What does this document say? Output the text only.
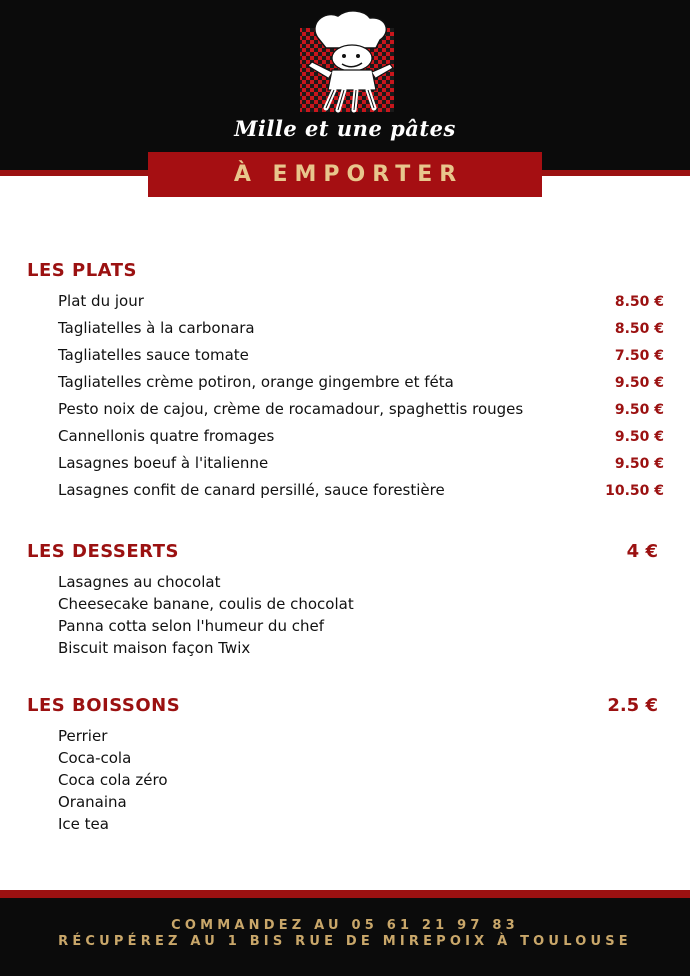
Mille et une pâtes
À EMPORTER
LES PLATS
Plat du jour	8.50 €
Tagliatelles à la carbonara	8.50 €
Tagliatelles sauce tomate	7.50 €
Tagliatelles crème potiron, orange gingembre et féta	9.50 €
Pesto noix de cajou, crème de rocamadour, spaghettis rouges	9.50 €
Cannellonis quatre fromages	9.50 €
Lasagnes boeuf à l'italienne	9.50 €
Lasagnes confit de canard persillé, sauce forestière	10.50 €
LES DESSERTS	4 €
Lasagnes au chocolat
Cheesecake banane, coulis de chocolat
Panna cotta selon l'humeur du chef
Biscuit maison façon Twix
LES BOISSONS	2.5 €
Perrier
Coca-cola
Coca cola zéro
Oranaina
Ice tea
COMMANDEZ AU 05 61 21 97 83
RÉCUPÉREZ AU 1 BIS RUE DE MIREPOIX À TOULOUSE
